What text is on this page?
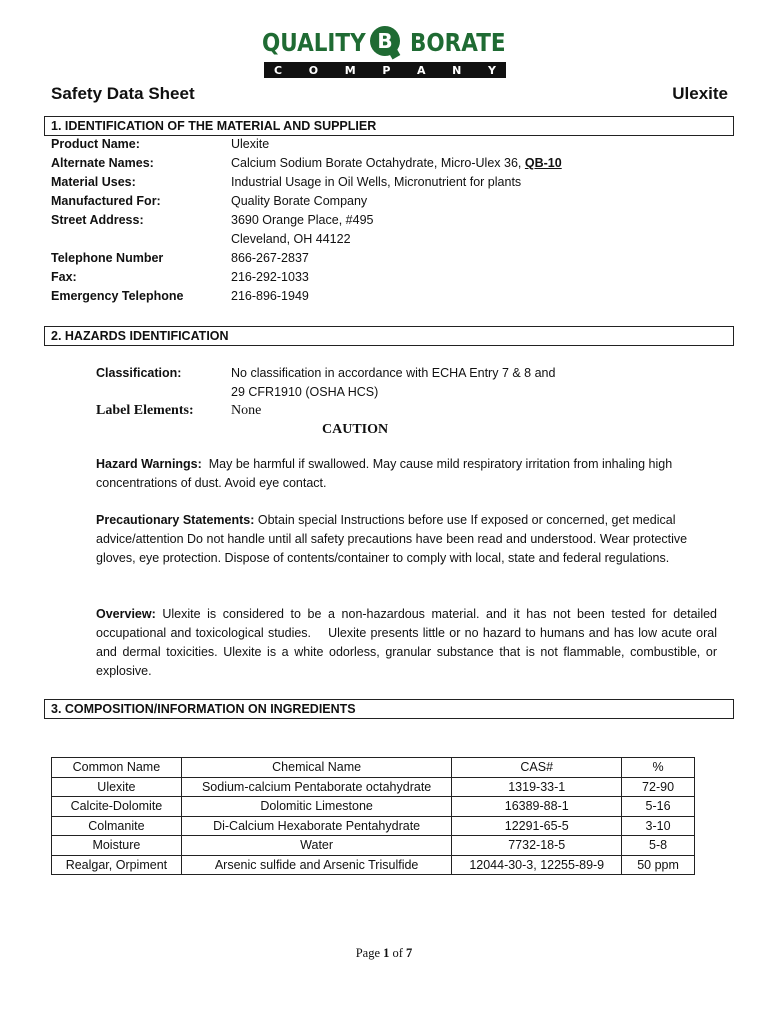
QUALITY B BORATE
C O M P A N Y
Safety Data Sheet	Ulexite
1. IDENTIFICATION OF THE MATERIAL AND SUPPLIER
Product Name:	Ulexite
Alternate Names:	Calcium Sodium Borate Octahydrate, Micro-Ulex 36, QB-10
Material Uses:	Industrial Usage in Oil Wells, Micronutrient for plants
Manufactured For:	Quality Borate Company
Street Address:	3690 Orange Place, #495
Cleveland, OH 44122
Telephone Number	866-267-2837
Fax:	216-292-1033
Emergency Telephone	216-896-1949
2. HAZARDS IDENTIFICATION
Classification:	No classification in accordance with ECHA Entry 7 & 8 and
29 CFR1910 (OSHA HCS)
Label Elements:	None
CAUTION
Hazard Warnings: May be harmful if swallowed. May cause mild respiratory irritation from inhaling high concentrations of dust. Avoid eye contact.
Precautionary Statements: Obtain special Instructions before use If exposed or concerned, get medical advice/attention Do not handle until all safety precautions have been read and understood. Wear protective gloves, eye protection. Dispose of contents/container to comply with local, state and federal regulations.
Overview: Ulexite is considered to be a non-hazardous material. and it has not been tested for detailed occupational and toxicological studies.    Ulexite presents little or no hazard to humans and has low acute oral and dermal toxicities. Ulexite is a white odorless, granular substance that is not flammable, combustible, or explosive.
3. COMPOSITION/INFORMATION ON INGREDIENTS
Common Name	Chemical Name	CAS#	%
Ulexite	Sodium-calcium Pentaborate octahydrate	1319-33-1	72-90
Calcite-Dolomite	Dolomitic Limestone	16389-88-1	5-16
Colmanite	Di-Calcium Hexaborate Pentahydrate	12291-65-5	3-10
Moisture	Water	7732-18-5	5-8
Realgar, Orpiment	Arsenic sulfide and Arsenic Trisulfide	12044-30-3, 12255-89-9	50 ppm
Page 1 of 7
